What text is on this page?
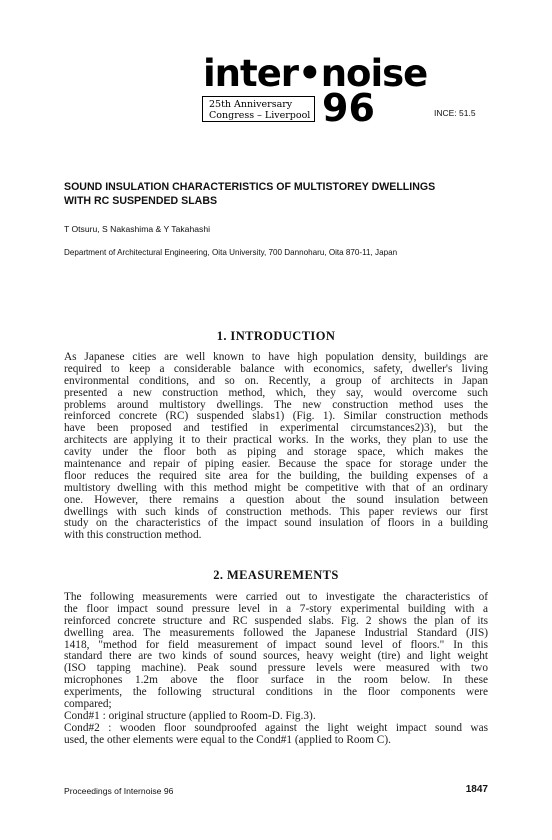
inter•noise
25th Anniversary
Congress – Liverpool 96	INCE: 51.5
SOUND INSULATION CHARACTERISTICS OF MULTISTOREY DWELLINGS
WITH RC SUSPENDED SLABS
T Otsuru, S Nakashima & Y Takahashi
Department of Architectural Engineering, Oita University, 700 Dannoharu, Oita 870-11, Japan
1. INTRODUCTION
As Japanese cities are well known to have high population density, buildings are
required to keep a considerable balance with economics, safety, dweller's living
environmental conditions, and so on. Recently, a group of architects in Japan
presented a new construction method, which, they say, would overcome such
problems around multistory dwellings. The new construction method uses the
reinforced concrete (RC) suspended slabs1) (Fig. 1). Similar construction methods
have been proposed and testified in experimental circumstances2)3), but the
architects are applying it to their practical works. In the works, they plan to use the
cavity under the floor both as piping and storage space, which makes the
maintenance and repair of piping easier. Because the space for storage under the
floor reduces the required site area for the building, the building expenses of a
multistory dwelling with this method might be competitive with that of an ordinary
one. However, there remains a question about the sound insulation between
dwellings with such kinds of construction methods. This paper reviews our first
study on the characteristics of the impact sound insulation of floors in a building
with this construction method.
2. MEASUREMENTS
The following measurements were carried out to investigate the characteristics of
the floor impact sound pressure level in a 7-story experimental building with a
reinforced concrete structure and RC suspended slabs. Fig. 2 shows the plan of its
dwelling area. The measurements followed the Japanese Industrial Standard (JIS)
1418, "method for field measurement of impact sound level of floors." In this
standard there are two kinds of sound sources, heavy weight (tire) and light weight
(ISO tapping machine). Peak sound pressure levels were measured with two
microphones 1.2m above the floor surface in the room below. In these
experiments, the following structural conditions in the floor components were
compared;
Cond#1 : original structure (applied to Room-D. Fig.3).
Cond#2 : wooden floor soundproofed against the light weight impact sound was
used, the other elements were equal to the Cond#1 (applied to Room C).
Proceedings of Internoise 96	1847
